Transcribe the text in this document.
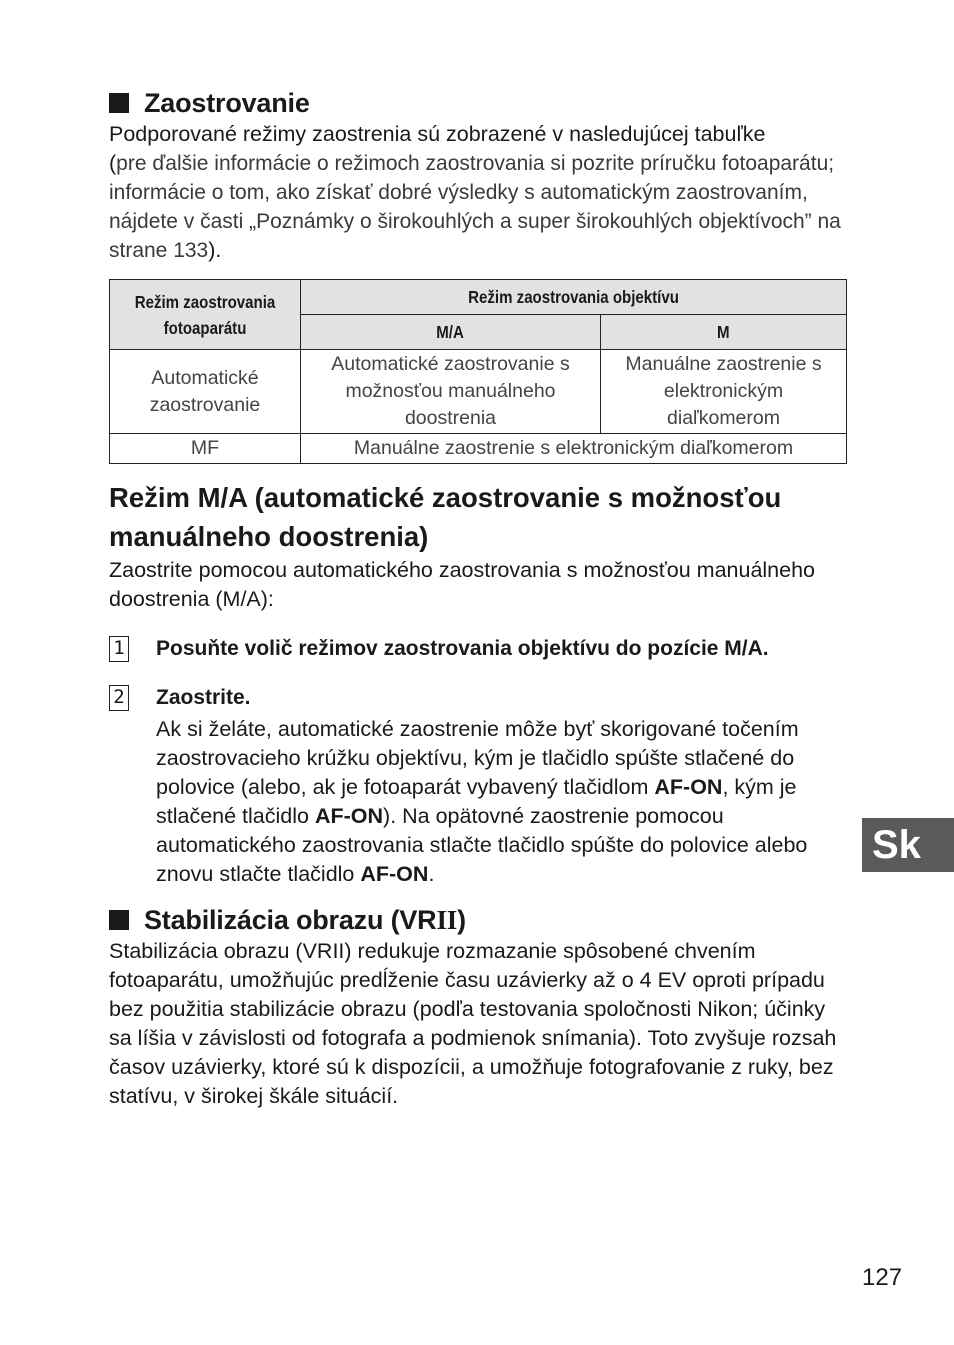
Zaostrovanie

Podporované režimy zaostrenia sú zobrazené v nasledujúcej tabuľke
(pre ďalšie informácie o režimoch zaostrovania si pozrite príručku fotoaparátu; informácie o tom, ako získať dobré výsledky s automatickým zaostrovaním, nájdete v časti „Poznámky o širokouhlých a super širokouhlých objektívoch” na strane 133).

Režim zaostrovania fotoaparátu	Režim zaostrovania objektívu	
	M/A	M
Automatické zaostrovanie	Automatické zaostrovanie s možnosťou manuálneho doostrenia	Manuálne zaostrenie s elektronickým diaľkomerom
MF	Manuálne zaostrenie s elektronickým diaľkomerom	
Režim M/A (automatické zaostrovanie s možnosťou manuálneho doostrenia)

Zaostrite pomocou automatického zaostrovania s možnosťou manuálneho doostrenia (M/A):

1 Posuňte volič režimov zaostrovania objektívu do pozície M/A.
2 Zaostrite.
Ak si želáte, automatické zaostrenie môže byť skorigované točením zaostrovacieho krúžku objektívu, kým je tlačidlo spúšte stlačené do polovice (alebo, ak je fotoaparát vybavený tlačidlom AF-ON, kým je stlačené tlačidlo AF-ON). Na opätovné zaostrenie pomocou automatického zaostrovania stlačte tlačidlo spúšte do polovice alebo znovu stlačte tlačidlo AF-ON.
Stabilizácia obrazu (VRII)

Stabilizácia obrazu (VRII) redukuje rozmazanie spôsobené chvením fotoaparátu, umožňujúc predĺženie času uzávierky až o 4 EV oproti prípadu bez použitia stabilizácie obrazu (podľa testovania spoločnosti Nikon; účinky sa líšia v závislosti od fotografa a podmienok snímania). Toto zvyšuje rozsah časov uzávierky, ktoré sú k dispozícii, a umožňuje fotografovanie z ruky, bez statívu, v širokej škále situácií.

Sk
127
